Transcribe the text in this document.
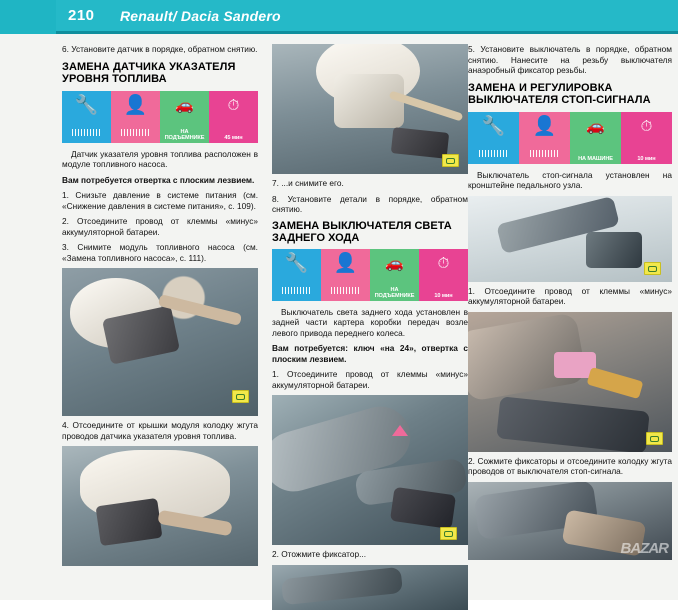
210 Renault/ Dacia Sandero

6. Установите датчик в порядке, обратном снятию.

ЗАМЕНА ДАТЧИКА УКАЗАТЕЛЯ УРОВНЯ ТОПЛИВА
🔧 👤 🚗
НА ПОДЪЕМНИКЕ
⏱
45 мин

Датчик указателя уровня топлива расположен в модуле топливного насоса.

Вам потребуется отвертка с плоским лезвием.

1. Снизьте давление в системе питания (см. «Снижение давления в системе питания», с. 109).

2. Отсоедините провод от клеммы «минус» аккумуляторной батареи.

3. Снимите модуль топливного насоса (см. «Замена топливного насоса», с. 111).

4. Отсоедините от крышки модуля колодку жгута проводов датчика указателя уровня топлива.
7. ...и снимите его.

8. Установите детали в порядке, обратном снятию.

ЗАМЕНА ВЫКЛЮЧАТЕЛЯ СВЕТА ЗАДНЕГО ХОДА
🔧 👤 🚗
НА ПОДЪЕМНИКЕ
⏱
10 мин

Выключатель света заднего хода установлен в задней части картера коробки передач возле левого привода переднего колеса.

Вам потребуется: ключ «на 24», отвертка с плоским лезвием.

1. Отсоедините провод от клеммы «минус» аккумуляторной батареи.

2. Отожмите фиксатор...

5. Установите выключатель в порядке, обратном снятию. Нанесите на резьбу выключателя анаэробный фиксатор резьбы.

ЗАМЕНА И РЕГУЛИРОВКА ВЫКЛЮЧАТЕЛЯ СТОП-СИГНАЛА
🔧 👤 🚗
НА МАШИНЕ
⏱
10 мин

Выключатель стоп-сигнала установлен на кронштейне педального узла.

1. Отсоедините провод от клеммы «минус» аккумуляторной батареи.
2. Сожмите фиксаторы и отсоедините колодку жгута проводов от выключателя стоп-сигнала.
BAZAR
